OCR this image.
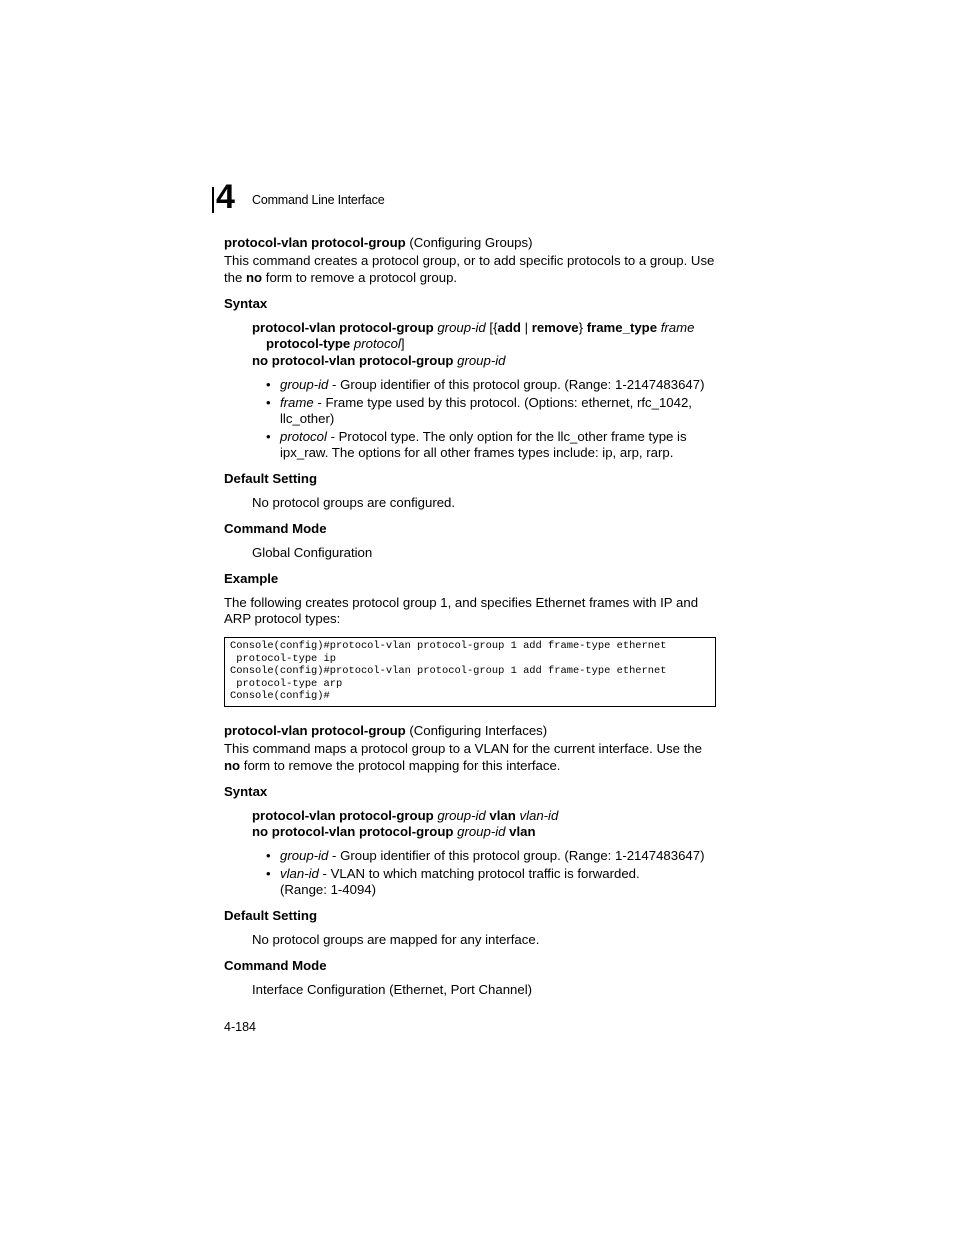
4 Command Line Interface
protocol-vlan protocol-group (Configuring Groups)
This command creates a protocol group, or to add specific protocols to a group. Use
the no form to remove a protocol group.
Syntax
protocol-vlan protocol-group group-id [{add | remove} frame_type frame
protocol-type protocol]
no protocol-vlan protocol-group group-id
• group-id - Group identifier of this protocol group. (Range: 1-2147483647)
• frame - Frame type used by this protocol. (Options: ethernet, rfc_1042,
llc_other)
• protocol - Protocol type. The only option for the llc_other frame type is
ipx_raw. The options for all other frames types include: ip, arp, rarp.
Default Setting
No protocol groups are configured.
Command Mode
Global Configuration
Example
The following creates protocol group 1, and specifies Ethernet frames with IP and
ARP protocol types:
Console(config)#protocol-vlan protocol-group 1 add frame-type ethernet
protocol-type ip
Console(config)#protocol-vlan protocol-group 1 add frame-type ethernet
protocol-type arp
Console(config)#
protocol-vlan protocol-group (Configuring Interfaces)
This command maps a protocol group to a VLAN for the current interface. Use the
no form to remove the protocol mapping for this interface.
Syntax
protocol-vlan protocol-group group-id vlan vlan-id
no protocol-vlan protocol-group group-id vlan
• group-id - Group identifier of this protocol group. (Range: 1-2147483647)
• vlan-id - VLAN to which matching protocol traffic is forwarded.
(Range: 1-4094)
Default Setting
No protocol groups are mapped for any interface.
Command Mode
Interface Configuration (Ethernet, Port Channel)
4-184
